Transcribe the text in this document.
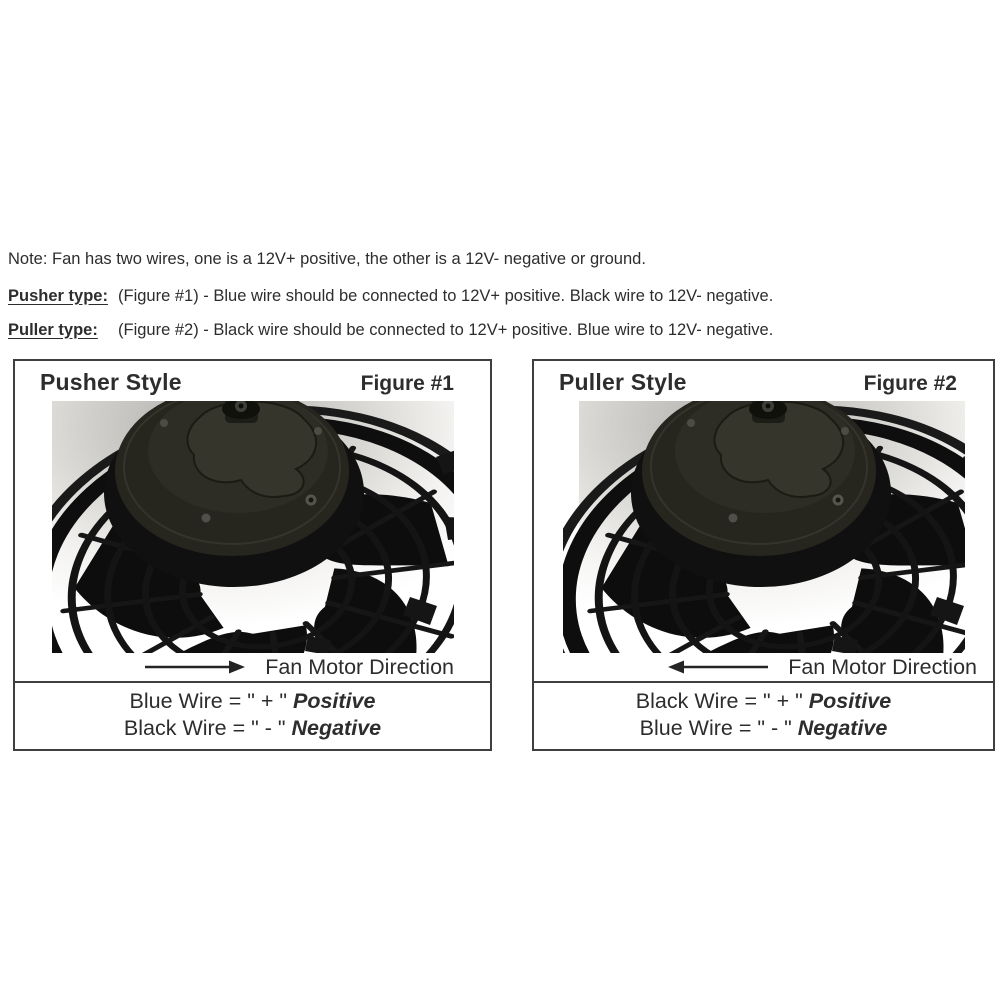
Note: Fan has two wires, one is a 12V+ positive, the other is a 12V- negative or ground.

Pusher type: (Figure #1) - Blue wire should be connected to 12V+ positive. Black wire to 12V- negative.

Puller type: (Figure #2) - Black wire should be connected to 12V+ positive. Blue wire to 12V- negative.

Pusher Style	Figure #1
Fan Motor Direction
Blue Wire = " + " Positive
Black Wire = " - " Negative
Puller Style	Figure #2
Fan Motor Direction
Black Wire = " + " Positive
Blue Wire = " - " Negative
